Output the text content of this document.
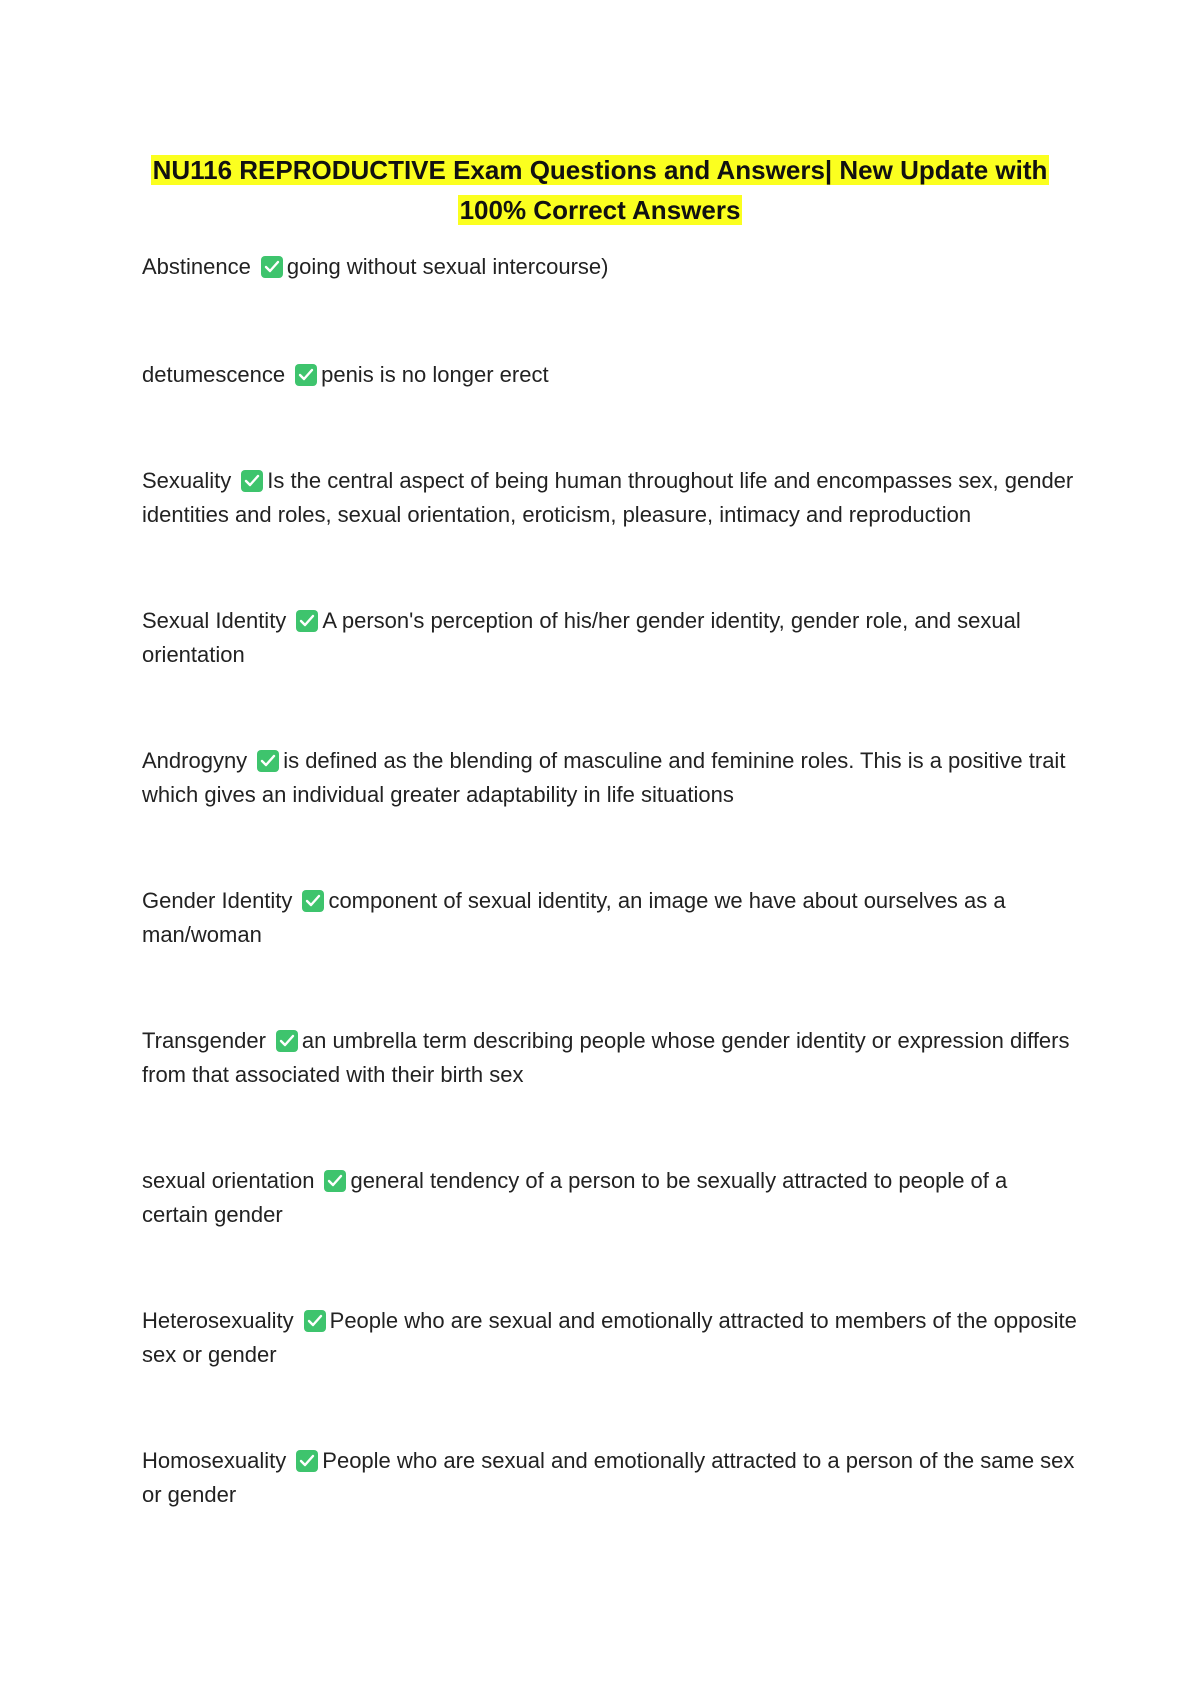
NU116 REPRODUCTIVE Exam Questions and Answers| New Update with 100% Correct Answers
Abstinence going without sexual intercourse)
detumescence penis is no longer erect
Sexuality Is the central aspect of being human throughout life and encompasses sex, gender identities and roles, sexual orientation, eroticism, pleasure, intimacy and reproduction
Sexual Identity A person's perception of his/her gender identity, gender role, and sexual orientation
Androgyny is defined as the blending of masculine and feminine roles. This is a positive trait which gives an individual greater adaptability in life situations
Gender Identity component of sexual identity, an image we have about ourselves as a man/woman
Transgender an umbrella term describing people whose gender identity or expression differs from that associated with their birth sex
sexual orientation general tendency of a person to be sexually attracted to people of a certain gender
Heterosexuality People who are sexual and emotionally attracted to members of the opposite sex or gender
Homosexuality People who are sexual and emotionally attracted to a person of the same sex or gender
